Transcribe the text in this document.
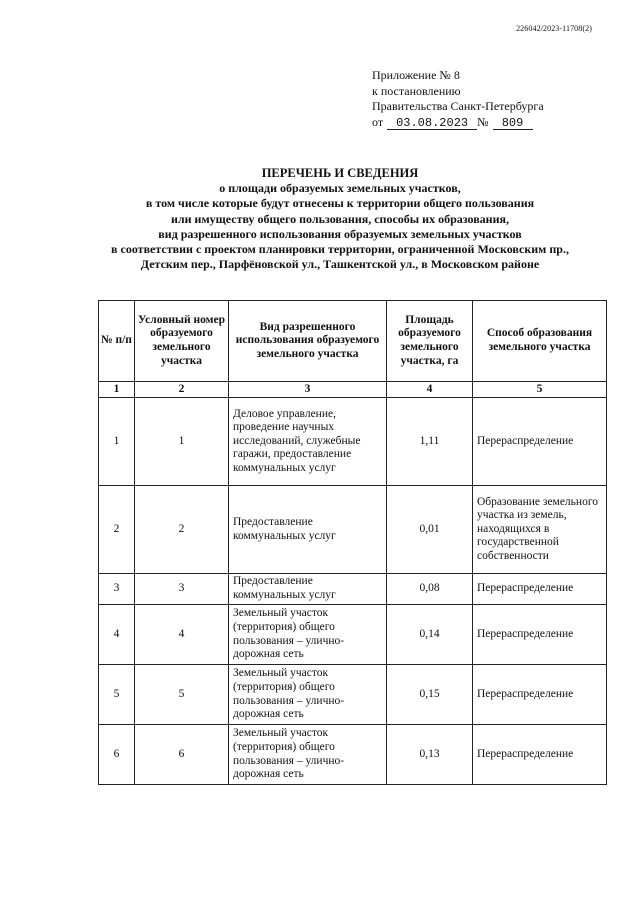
226042/2023-11708(2)
Приложение № 8
к постановлению
Правительства Санкт-Петербурга
от 03.08.2023 № 809
ПЕРЕЧЕНЬ И СВЕДЕНИЯ
о площади образуемых земельных участков,
в том числе которые будут отнесены к территории общего пользования
или имуществу общего пользования, способы их образования,
вид разрешенного использования образуемых земельных участков
в соответствии с проектом планировки территории, ограниченной Московским пр.,
Детским пер., Парфёновской ул., Ташкентской ул., в Московском районе
№ п/п	Условный номер образуемого земельного участка	Вид разрешенного использования образуемого земельного участка	Площадь образуемого земельного участка, га	Способ образования земельного участка
1	2	3	4	5
1	1	Деловое управление, проведение научных исследований, служебные гаражи, предоставление коммунальных услуг	1,11	Перераспределение
2	2	Предоставление коммунальных услуг	0,01	Образование земельного участка из земель, находящихся в государственной собственности
3	3	Предоставление коммунальных услуг	0,08	Перераспределение
4	4	Земельный участок (территория) общего пользования – улично-дорожная сеть	0,14	Перераспределение
5	5	Земельный участок (территория) общего пользования – улично-дорожная сеть	0,15	Перераспределение
6	6	Земельный участок (территория) общего пользования – улично-дорожная сеть	0,13	Перераспределение
